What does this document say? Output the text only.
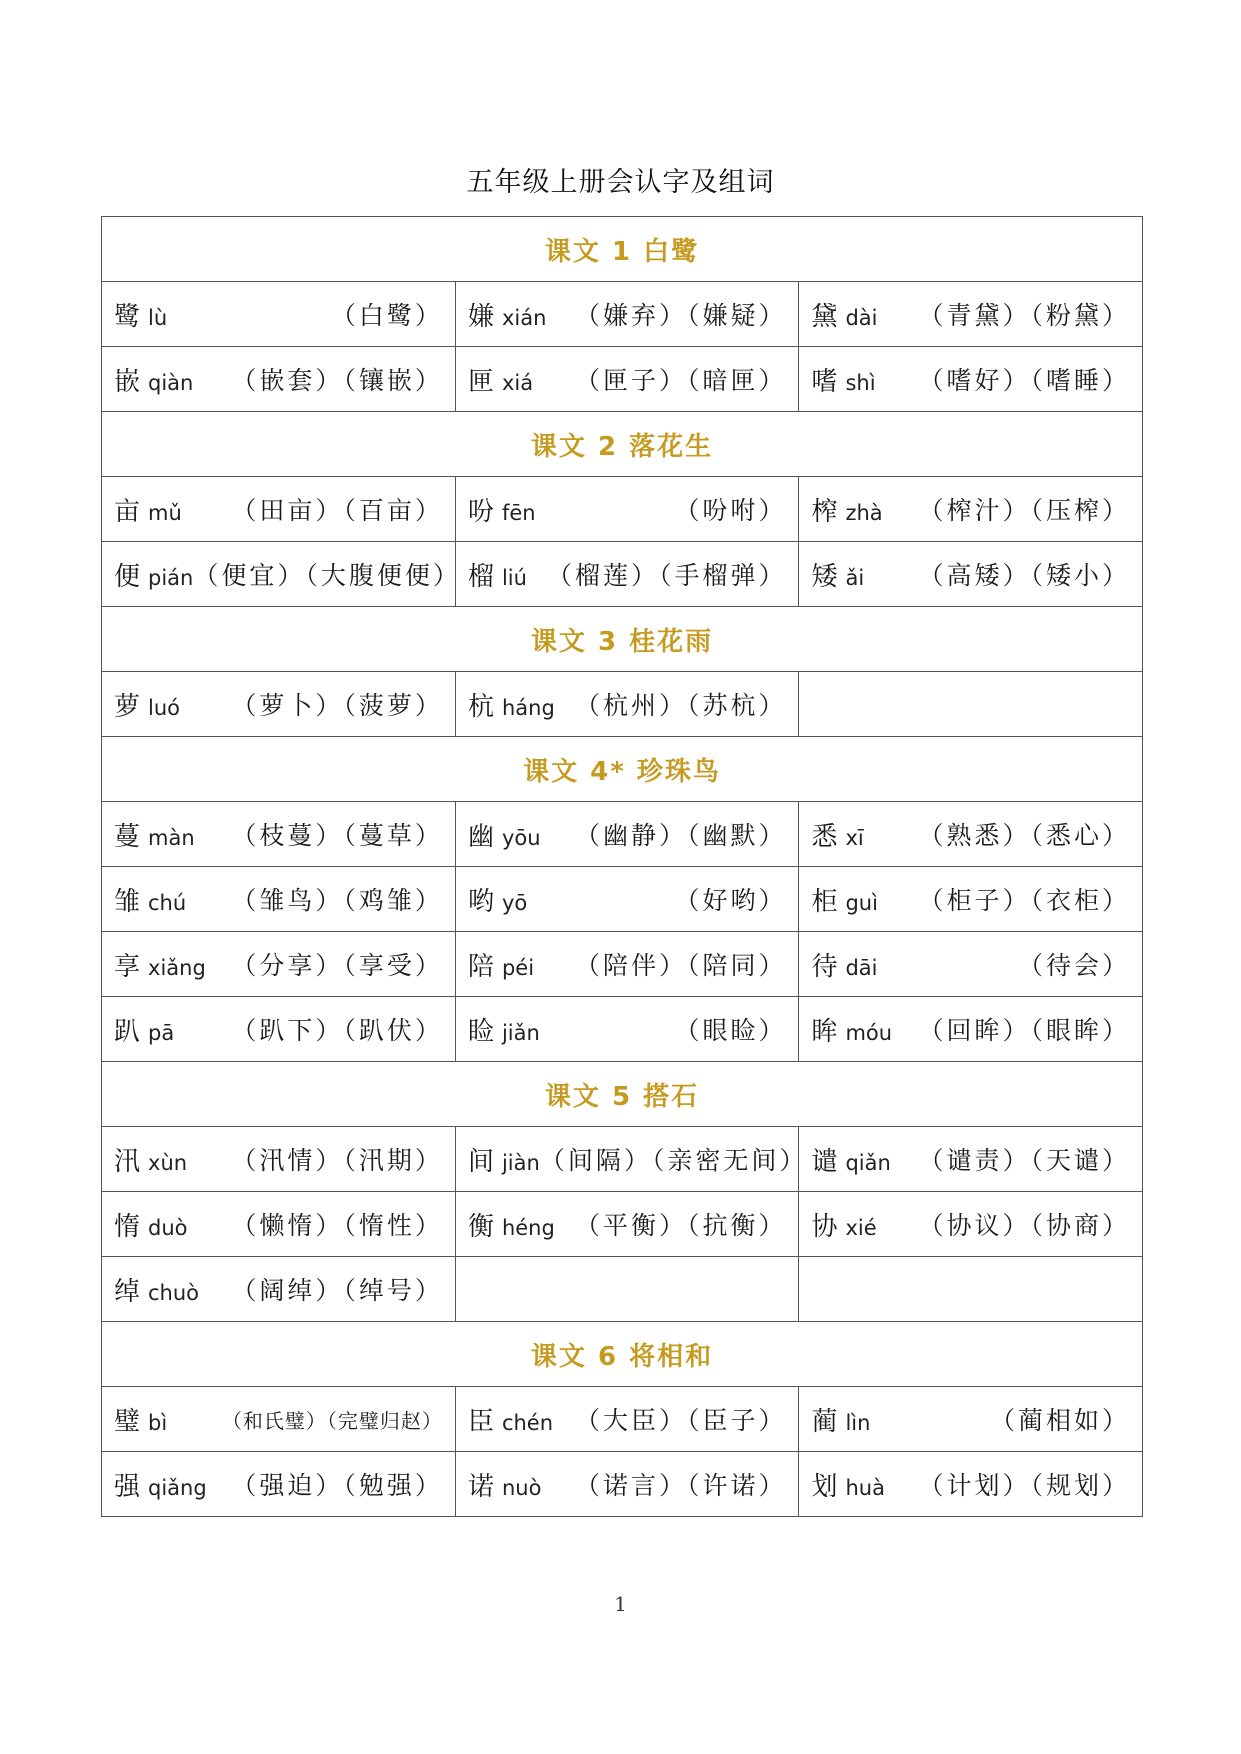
五年级上册会认字及组词
课文 1 白鹭		

鹭 lù （白鹭）	嫌 xián （嫌弃）（嫌疑）	黛 dài （青黛）（粉黛）

嵌 qiàn （嵌套）（镶嵌）	匣 xiá （匣子）（暗匣）	嗜 shì （嗜好）（嗜睡）

课文 2 落花生		

亩 mǔ （田亩）（百亩）	吩 fēn （吩咐）	榨 zhà （榨汁）（压榨）

便 pián （便宜）（大腹便便）	榴 liú （榴莲）（手榴弹）	矮 ǎi （高矮）（矮小）

课文 3 桂花雨		

萝 luó （萝卜）（菠萝）	杭 háng （杭州）（苏杭）	

课文 4* 珍珠鸟		

蔓 màn （枝蔓）（蔓草）	幽 yōu （幽静）（幽默）	悉 xī （熟悉）（悉心）

雏 chú （雏鸟）（鸡雏）	哟 yō （好哟）	柜 guì （柜子）（衣柜）

享 xiǎng （分享）（享受）	陪 péi （陪伴）（陪同）	待 dāi （待会）

趴 pā （趴下）（趴伏）	睑 jiǎn （眼睑）	眸 móu （回眸）（眼眸）

课文 5 搭石		

汛 xùn （汛情）（汛期）	间 jiàn （间隔）（亲密无间）	谴 qiǎn （谴责）（天谴）

惰 duò （懒惰）（惰性）	衡 héng （平衡）（抗衡）	协 xié （协议）（协商）

绰 chuò （阔绰）（绰号）		

课文 6 将相和		

璧 bì （和氏璧）（完璧归赵）	臣 chén （大臣）（臣子）	蔺 lìn （蔺相如）

强 qiǎng （强迫）（勉强）	诺 nuò （诺言）（许诺）	划 huà （计划）（规划）
1
